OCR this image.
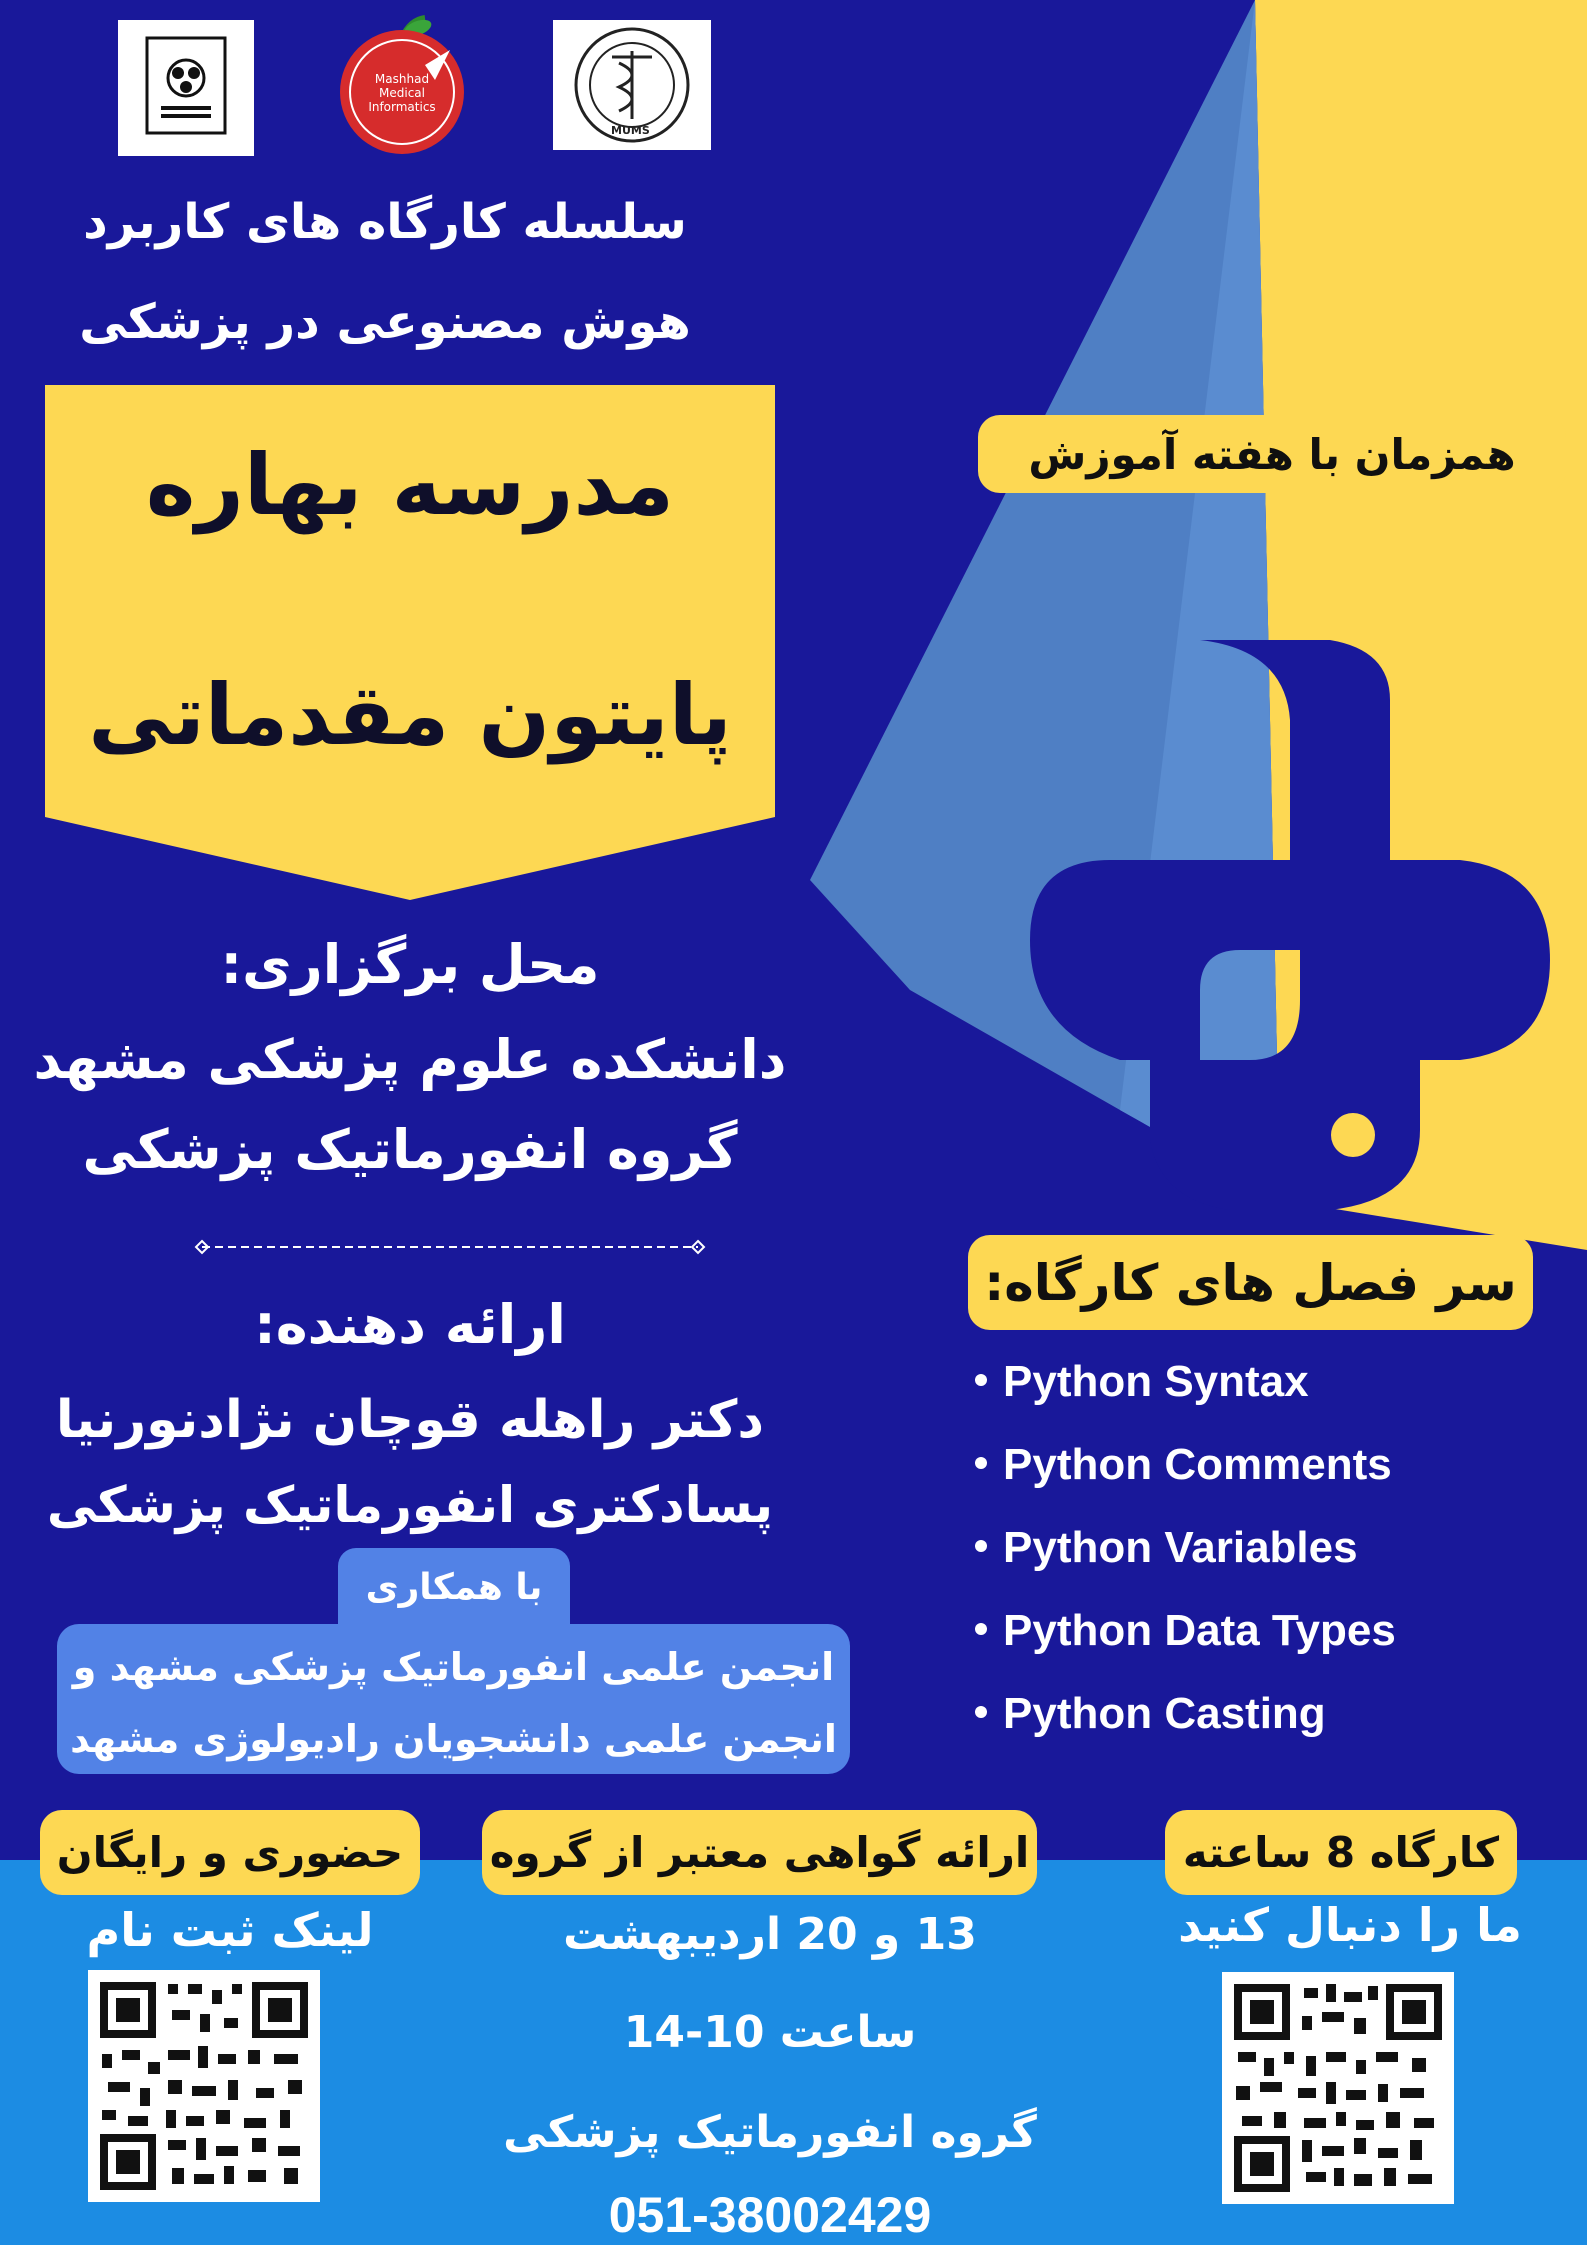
Mashhad Medical Informatics
MUMS
سلسله کارگاه های کاربرد
هوش مصنوعی در پزشکی
مدرسه بهاره
پایتون مقدماتی
همزمان با هفته آموزش
محل برگزاری:
دانشکده علوم پزشکی مشهد
گروه انفورماتیک پزشکی
ارائه دهنده:
دکتر راهله قوچان نژادنورنیا
پسادکتری انفورماتیک پزشکی
با همکاری
انجمن علمی انفورماتیک پزشکی مشهد و
انجمن علمی دانشجویان رادیولوژی مشهد
سر فصل های کارگاه:
Python Syntax
Python Comments
Python Variables
Python Data Types
Python Casting
حضوری و رایگان	ارائه گواهی معتبر از گروه	کارگاه 8 ساعته
لینک ثبت نام	ما را دنبال کنید
13 و 20 اردیبهشت
ساعت 10-14
گروه انفورماتیک پزشکی
051-38002429
